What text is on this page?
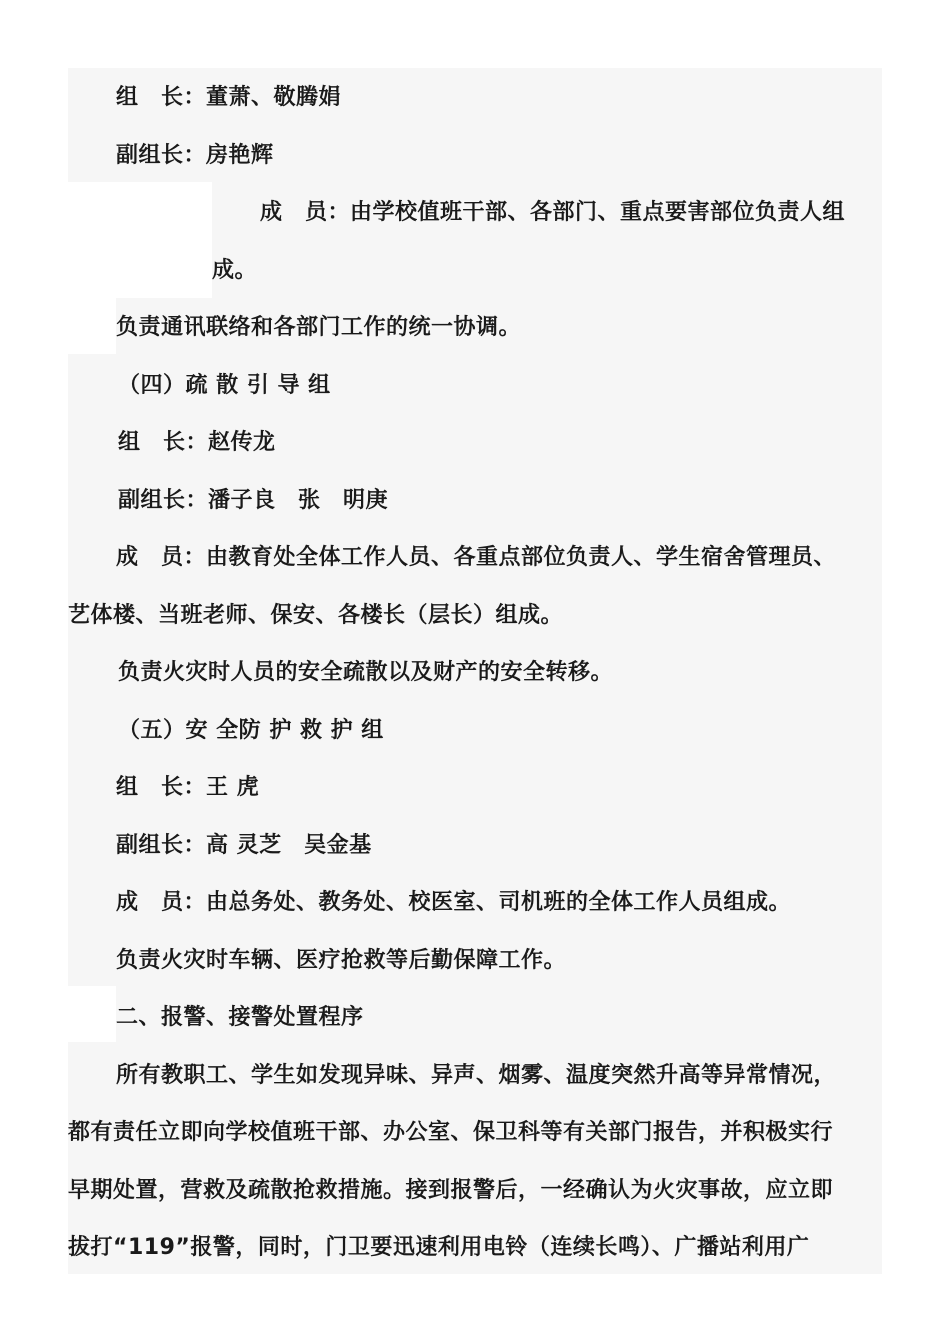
组　长：董萧、敬腾娟
副组长：房艳辉
成　员：由学校值班干部、各部门、重点要害部位负责人组
成。
负责通讯联络和各部门工作的统一协调。
（四）疏 散 引 导 组
组　长：赵传龙
副组长：潘子良　张　明庚
成　员：由教育处全体工作人员、各重点部位负责人、学生宿舍管理员、
艺体楼、当班老师、保安、各楼长（层长）组成。
负责火灾时人员的安全疏散以及财产的安全转移。
（五）安 全防 护 救 护 组
组　长：王 虎
副组长：高 灵芝　吴金基
成　员：由总务处、教务处、校医室、司机班的全体工作人员组成。
负责火灾时车辆、医疗抢救等后勤保障工作。
二、报警、接警处置程序
所有教职工、学生如发现异味、异声、烟雾、温度突然升高等异常情况，
都有责任立即向学校值班干部、办公室、保卫科等有关部门报告，并积极实行
早期处置，营救及疏散抢救措施。接到报警后，一经确认为火灾事故，应立即
拔打“119”报警，同时，门卫要迅速利用电铃（连续长鸣）、广播站利用广
